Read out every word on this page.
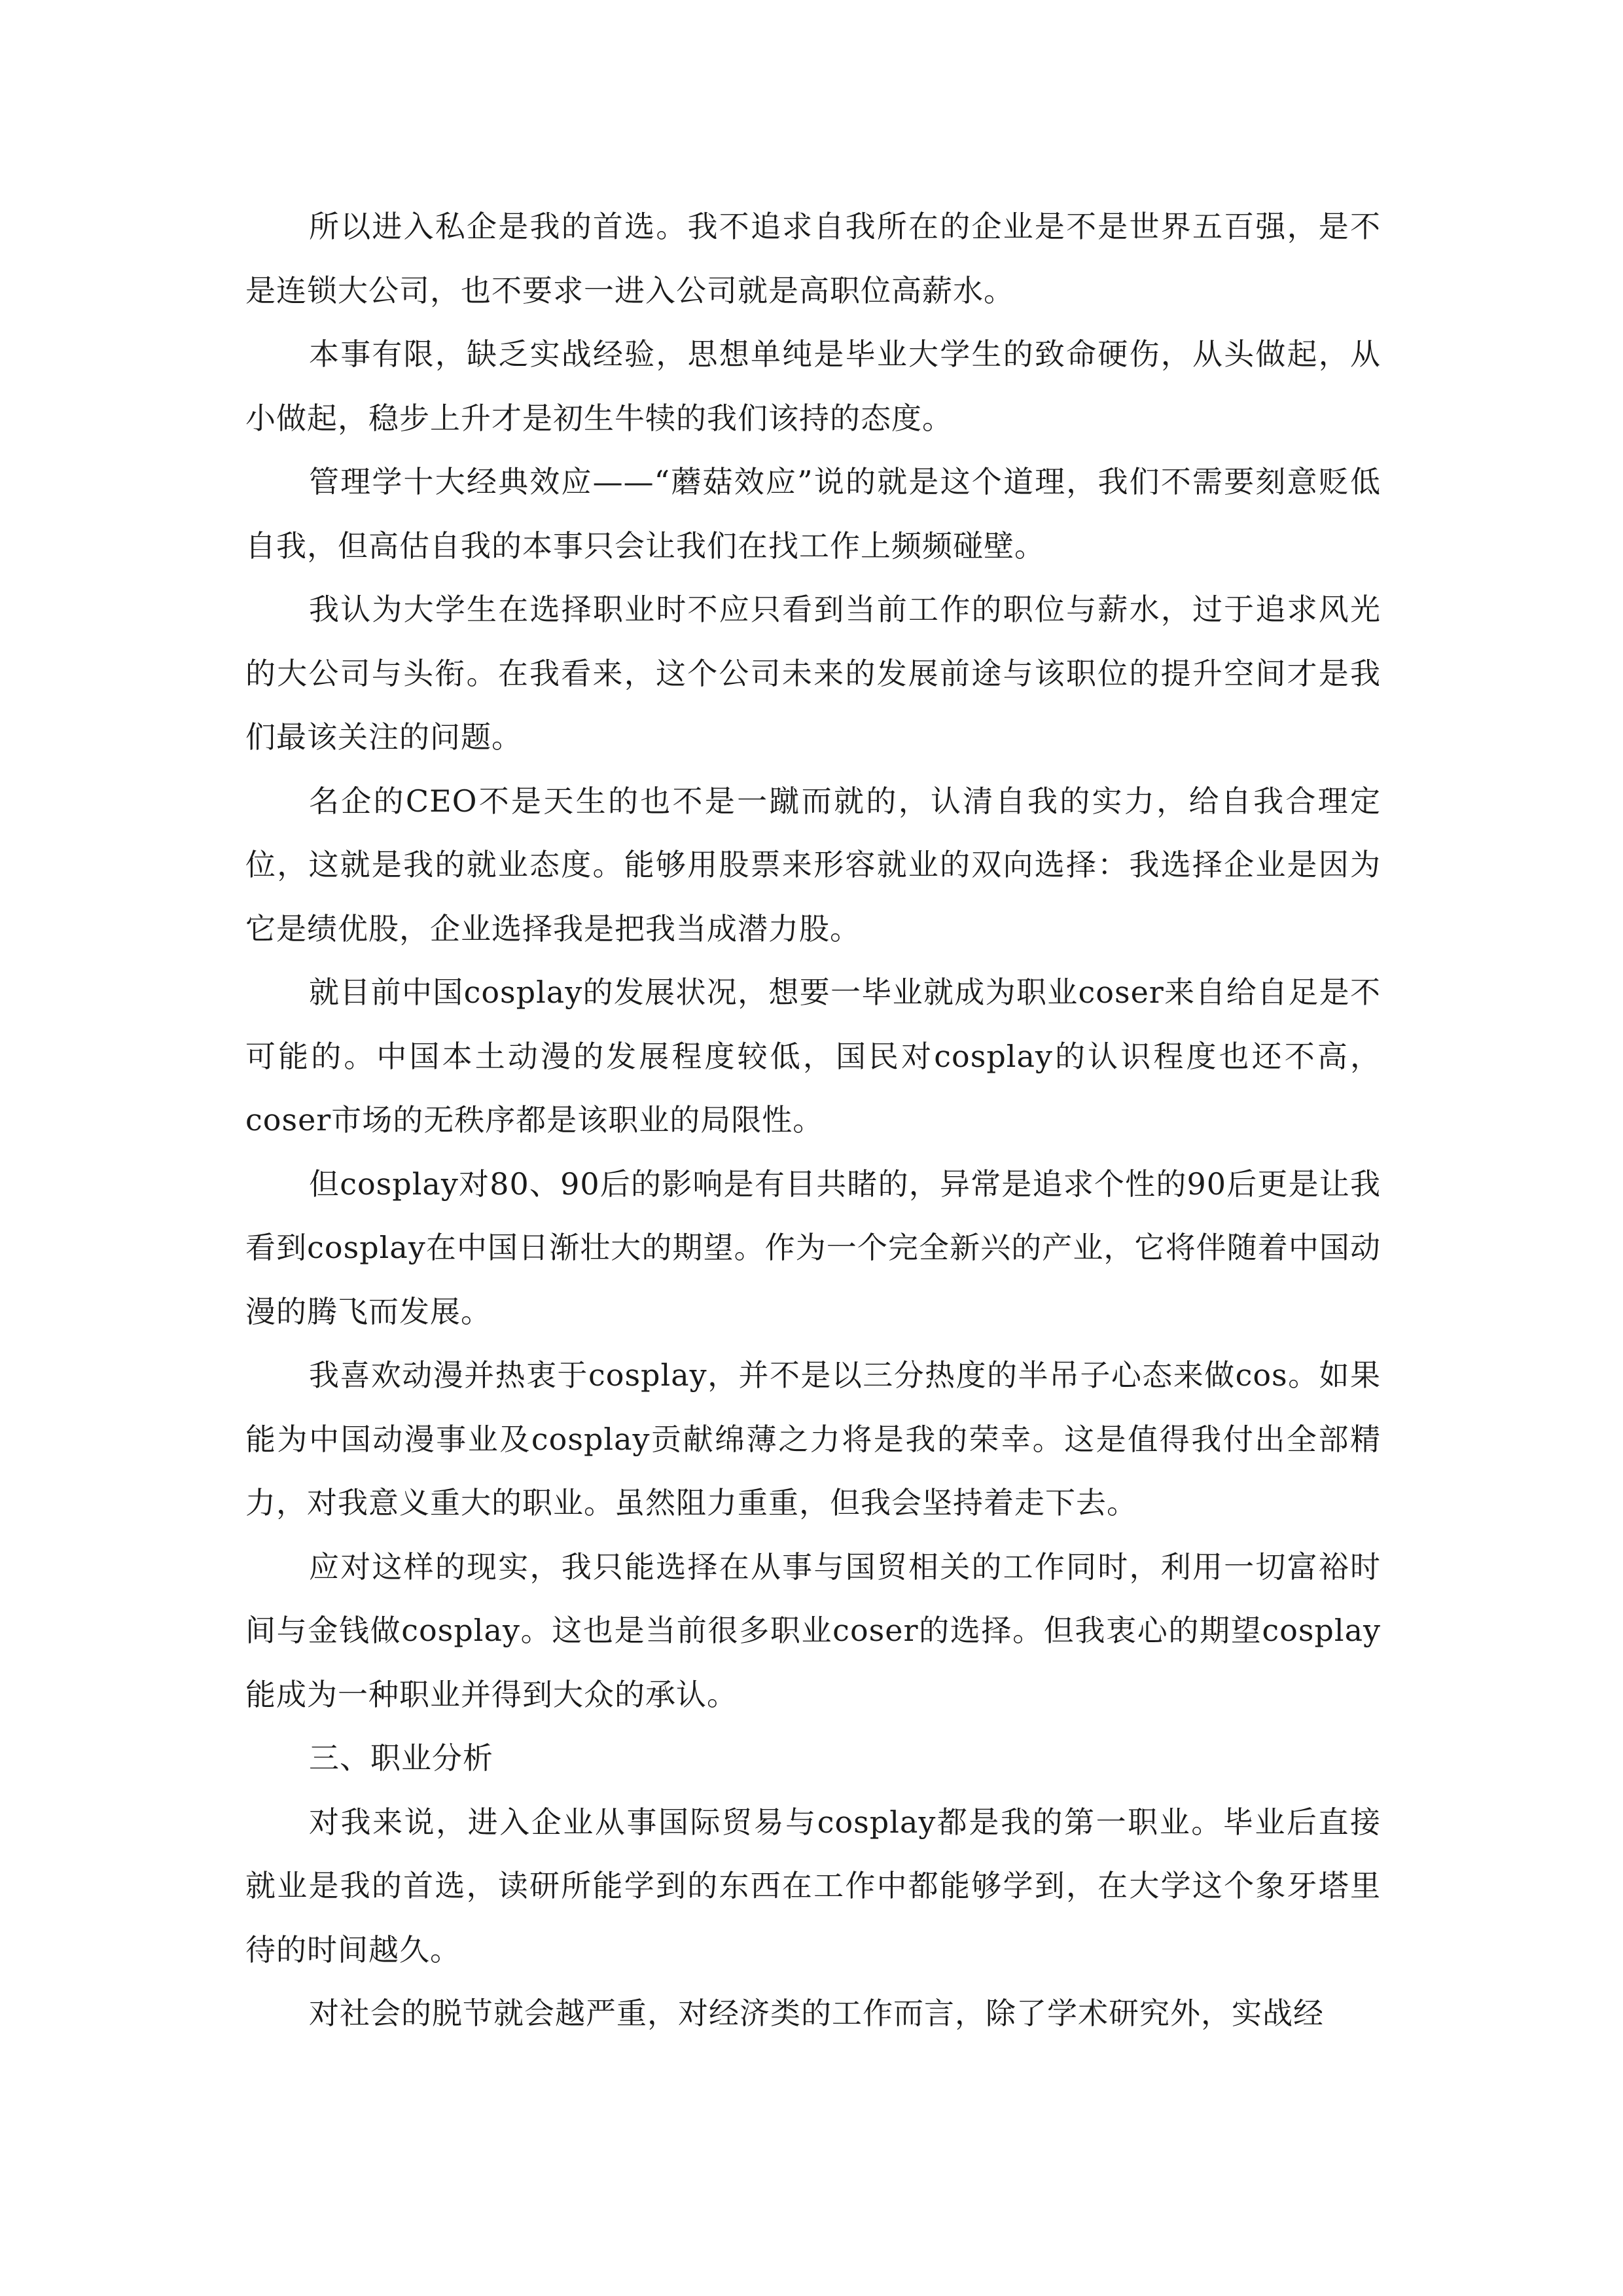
所以进入私企是我的首选。我不追求自我所在的企业是不是世界五百强，是不是连锁大公司，也不要求一进入公司就是高职位高薪水。

本事有限，缺乏实战经验，思想单纯是毕业大学生的致命硬伤，从头做起，从小做起，稳步上升才是初生牛犊的我们该持的态度。

管理学十大经典效应——“蘑菇效应”说的就是这个道理，我们不需要刻意贬低自我，但高估自我的本事只会让我们在找工作上频频碰壁。

我认为大学生在选择职业时不应只看到当前工作的职位与薪水，过于追求风光的大公司与头衔。在我看来，这个公司未来的发展前途与该职位的提升空间才是我们最该关注的问题。

名企的CEO不是天生的也不是一蹴而就的，认清自我的实力，给自我合理定位，这就是我的就业态度。能够用股票来形容就业的双向选择：我选择企业是因为它是绩优股，企业选择我是把我当成潜力股。

就目前中国cosplay的发展状况，想要一毕业就成为职业coser来自给自足是不可能的。中国本土动漫的发展程度较低，国民对cosplay的认识程度也还不高，coser市场的无秩序都是该职业的局限性。

但cosplay对80、90后的影响是有目共睹的，异常是追求个性的90后更是让我看到cosplay在中国日渐壮大的期望。作为一个完全新兴的产业，它将伴随着中国动漫的腾飞而发展。

我喜欢动漫并热衷于cosplay，并不是以三分热度的半吊子心态来做cos。如果能为中国动漫事业及cosplay贡献绵薄之力将是我的荣幸。这是值得我付出全部精力，对我意义重大的职业。虽然阻力重重，但我会坚持着走下去。

应对这样的现实，我只能选择在从事与国贸相关的工作同时，利用一切富裕时间与金钱做cosplay。这也是当前很多职业coser的选择。但我衷心的期望cosplay能成为一种职业并得到大众的承认。

三、职业分析

对我来说，进入企业从事国际贸易与cosplay都是我的第一职业。毕业后直接就业是我的首选，读研所能学到的东西在工作中都能够学到，在大学这个象牙塔里待的时间越久。

对社会的脱节就会越严重，对经济类的工作而言，除了学术研究外，实战经
